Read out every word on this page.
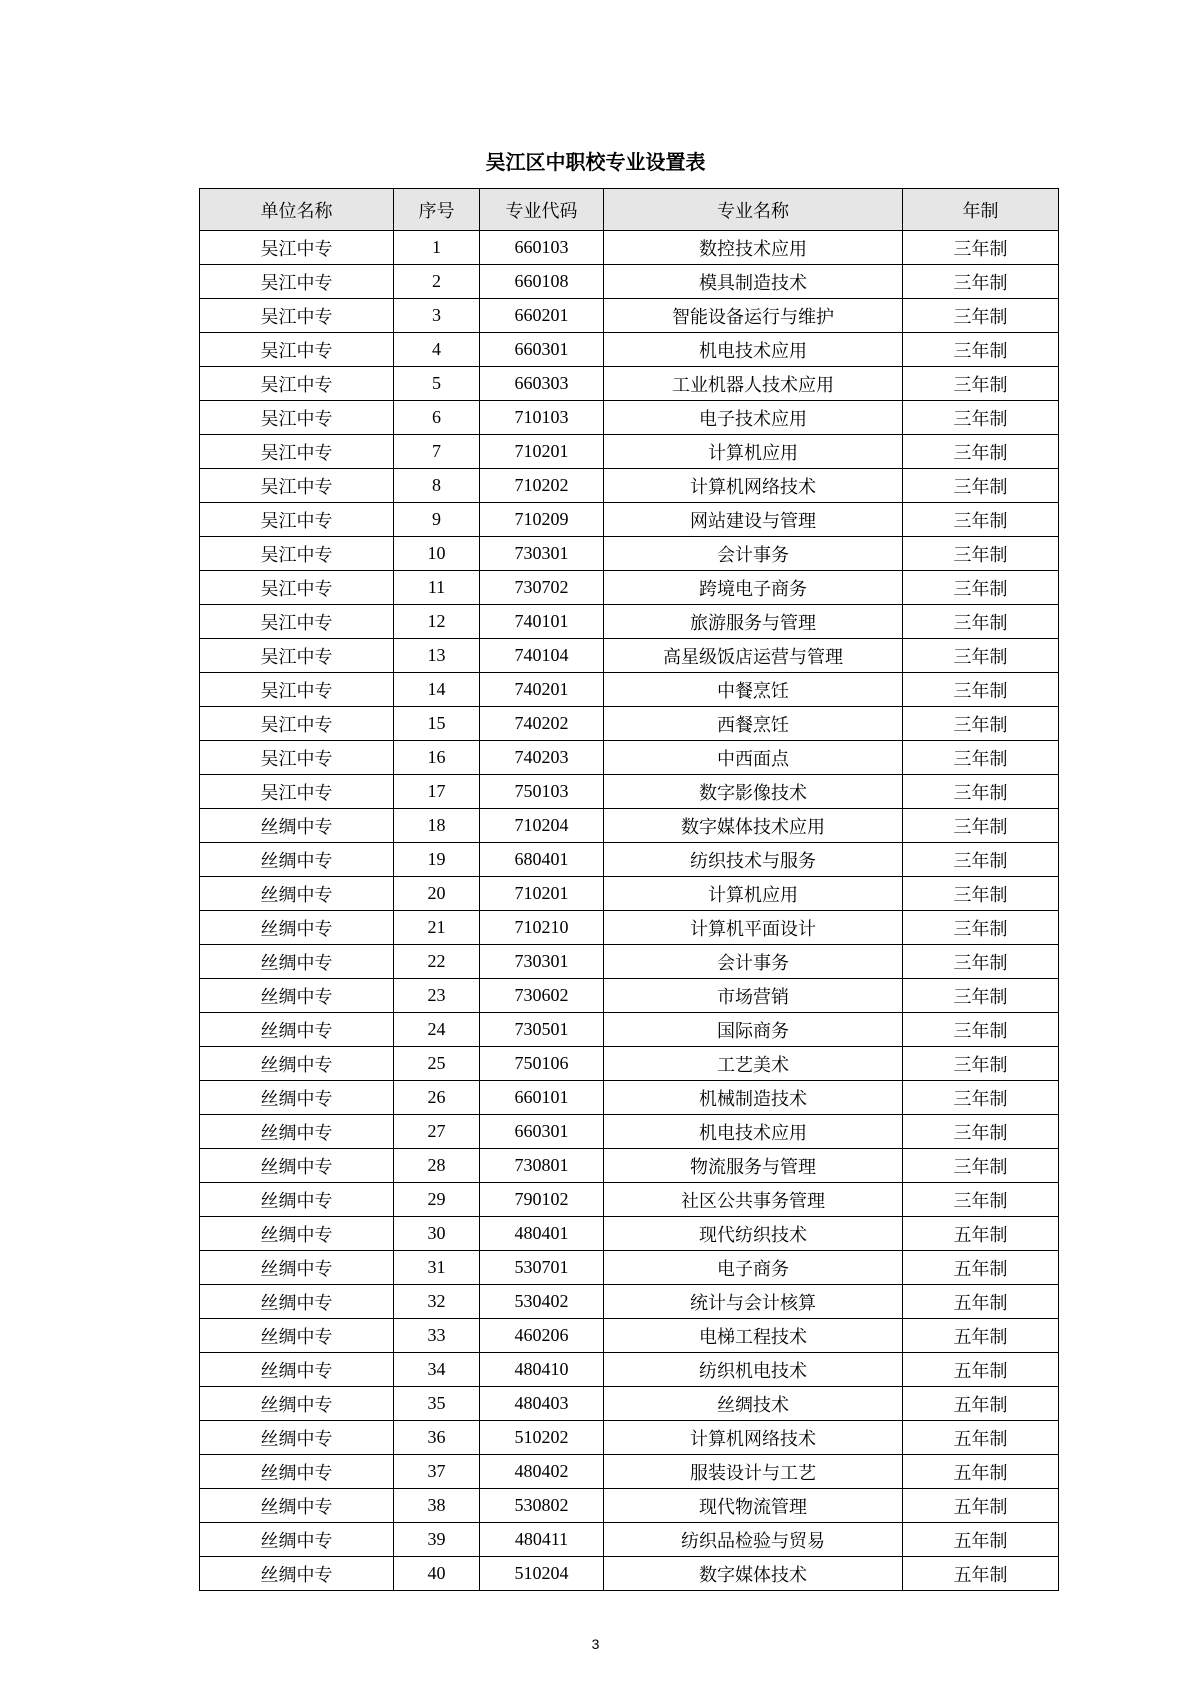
吴江区中职校专业设置表
单位名称	序号	专业代码	专业名称	年制
吴江中专	1	660103	数控技术应用	三年制
吴江中专	2	660108	模具制造技术	三年制
吴江中专	3	660201	智能设备运行与维护	三年制
吴江中专	4	660301	机电技术应用	三年制
吴江中专	5	660303	工业机器人技术应用	三年制
吴江中专	6	710103	电子技术应用	三年制
吴江中专	7	710201	计算机应用	三年制
吴江中专	8	710202	计算机网络技术	三年制
吴江中专	9	710209	网站建设与管理	三年制
吴江中专	10	730301	会计事务	三年制
吴江中专	11	730702	跨境电子商务	三年制
吴江中专	12	740101	旅游服务与管理	三年制
吴江中专	13	740104	高星级饭店运营与管理	三年制
吴江中专	14	740201	中餐烹饪	三年制
吴江中专	15	740202	西餐烹饪	三年制
吴江中专	16	740203	中西面点	三年制
吴江中专	17	750103	数字影像技术	三年制
丝绸中专	18	710204	数字媒体技术应用	三年制
丝绸中专	19	680401	纺织技术与服务	三年制
丝绸中专	20	710201	计算机应用	三年制
丝绸中专	21	710210	计算机平面设计	三年制
丝绸中专	22	730301	会计事务	三年制
丝绸中专	23	730602	市场营销	三年制
丝绸中专	24	730501	国际商务	三年制
丝绸中专	25	750106	工艺美术	三年制
丝绸中专	26	660101	机械制造技术	三年制
丝绸中专	27	660301	机电技术应用	三年制
丝绸中专	28	730801	物流服务与管理	三年制
丝绸中专	29	790102	社区公共事务管理	三年制
丝绸中专	30	480401	现代纺织技术	五年制
丝绸中专	31	530701	电子商务	五年制
丝绸中专	32	530402	统计与会计核算	五年制
丝绸中专	33	460206	电梯工程技术	五年制
丝绸中专	34	480410	纺织机电技术	五年制
丝绸中专	35	480403	丝绸技术	五年制
丝绸中专	36	510202	计算机网络技术	五年制
丝绸中专	37	480402	服装设计与工艺	五年制
丝绸中专	38	530802	现代物流管理	五年制
丝绸中专	39	480411	纺织品检验与贸易	五年制
丝绸中专	40	510204	数字媒体技术	五年制
3
